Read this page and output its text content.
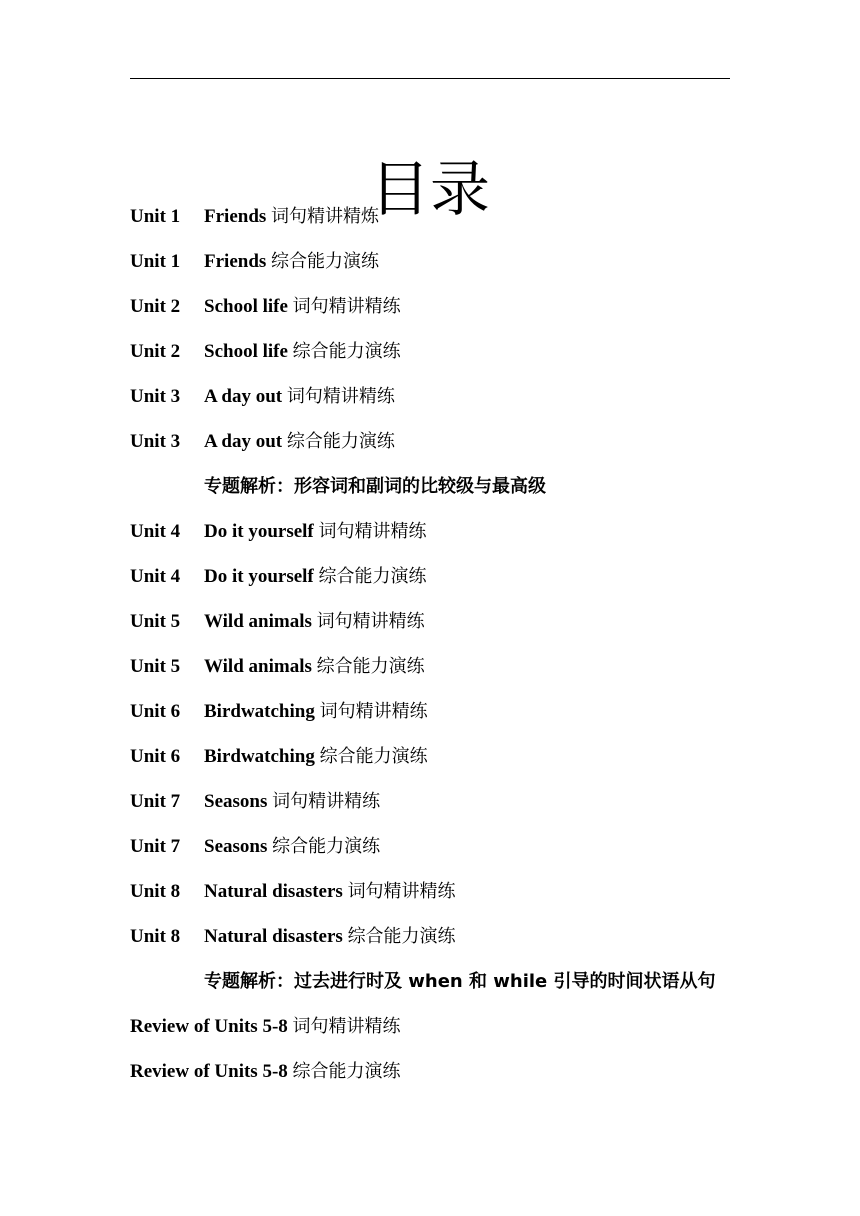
目录
Unit 1 Friends 词句精讲精炼
Unit 1 Friends 综合能力演练
Unit 2 School life 词句精讲精练
Unit 2 School life 综合能力演练
Unit 3 A day out 词句精讲精练
Unit 3 A day out 综合能力演练
专题解析：形容词和副词的比较级与最高级
Unit 4 Do it yourself 词句精讲精练
Unit 4 Do it yourself 综合能力演练
Unit 5 Wild animals 词句精讲精练
Unit 5 Wild animals 综合能力演练
Unit 6 Birdwatching 词句精讲精练
Unit 6 Birdwatching 综合能力演练
Unit 7 Seasons 词句精讲精练
Unit 7 Seasons 综合能力演练
Unit 8 Natural disasters 词句精讲精练
Unit 8 Natural disasters 综合能力演练
专题解析：过去进行时及 when 和 while 引导的时间状语从句
Review of Units 5-8 词句精讲精练
Review of Units 5-8 综合能力演练
